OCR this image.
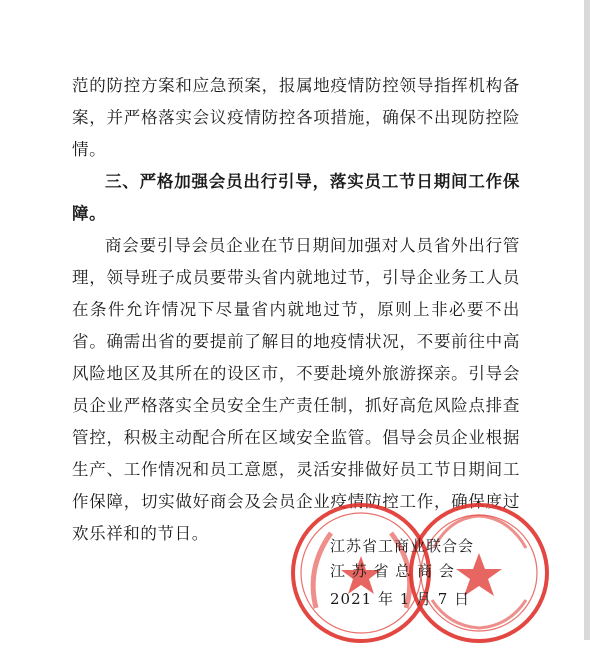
范的防控方案和应急预案，报属地疫情防控领导指挥机构备案，并严格落实会议疫情防控各项措施，确保不出现防控险情。

三、严格加强会员出行引导，落实员工节日期间工作保障。

商会要引导会员企业在节日期间加强对人员省外出行管理，领导班子成员要带头省内就地过节，引导企业务工人员在条件允许情况下尽量省内就地过节，原则上非必要不出省。确需出省的要提前了解目的地疫情状况，不要前往中高风险地区及其所在的设区市，不要赴境外旅游探亲。引导会员企业严格落实全员安全生产责任制，抓好高危风险点排查管控，积极主动配合所在区域安全监管。倡导会员企业根据生产、工作情况和员工意愿，灵活安排做好员工节日期间工作保障，切实做好商会及会员企业疫情防控工作，确保度过欢乐祥和的节日。

江苏省工商业联合会
江 苏 省 总 商 会
2021 年 1 月 7 日
